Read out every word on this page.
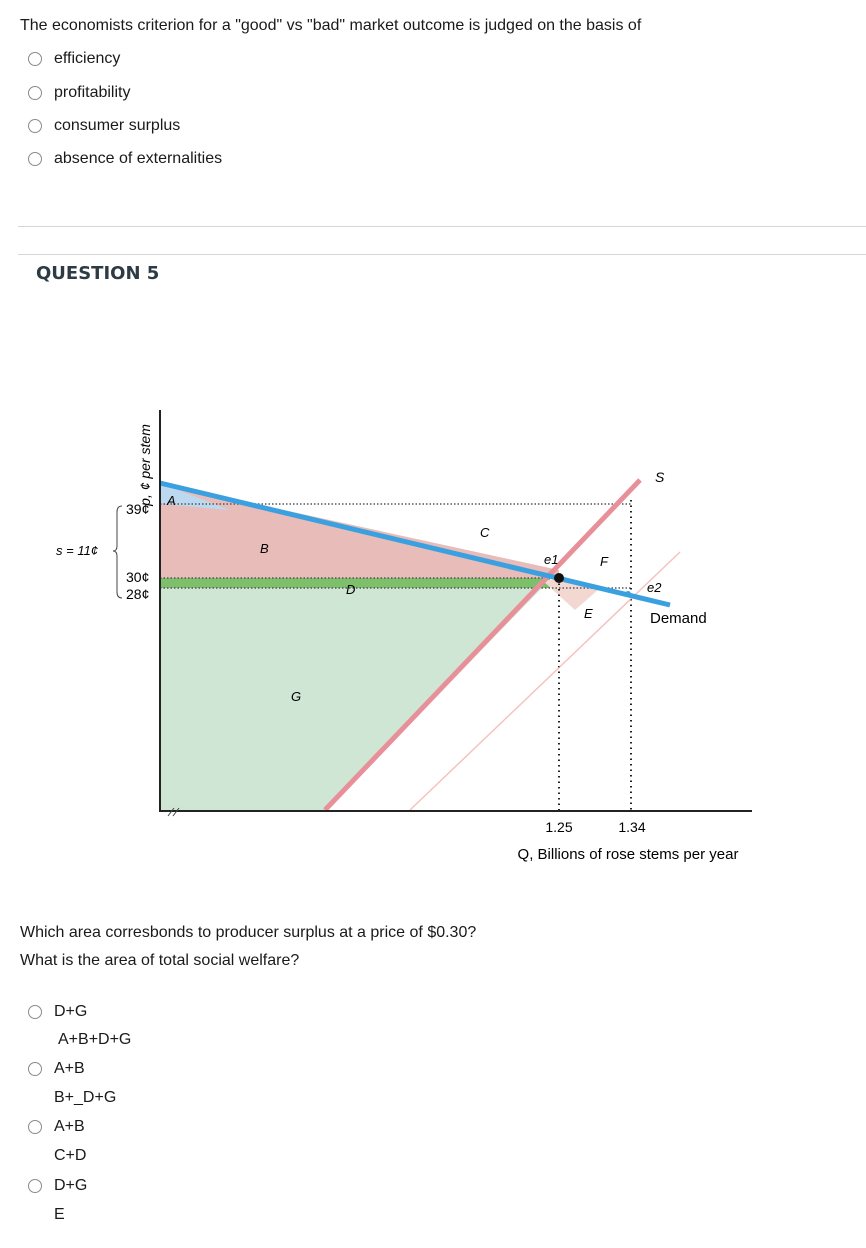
The economists criterion for a "good" vs "bad" market outcome is judged on the basis of
efficiency
profitability
consumer surplus
absence of externalities
QUESTION 5
p, ¢ per stem
39¢
30¢
28¢
s = 11¢
1.25	1.34
Q, Billions of rose stems per year
S
Demand
A
B
C
D
E
F
G
e1
e2
Which area corresbonds to producer surplus at a price of $0.30?
What is the area of total social welfare?
D+G
A+B+D+G
A+B
B+_D+G
A+B
C+D
D+G
E
